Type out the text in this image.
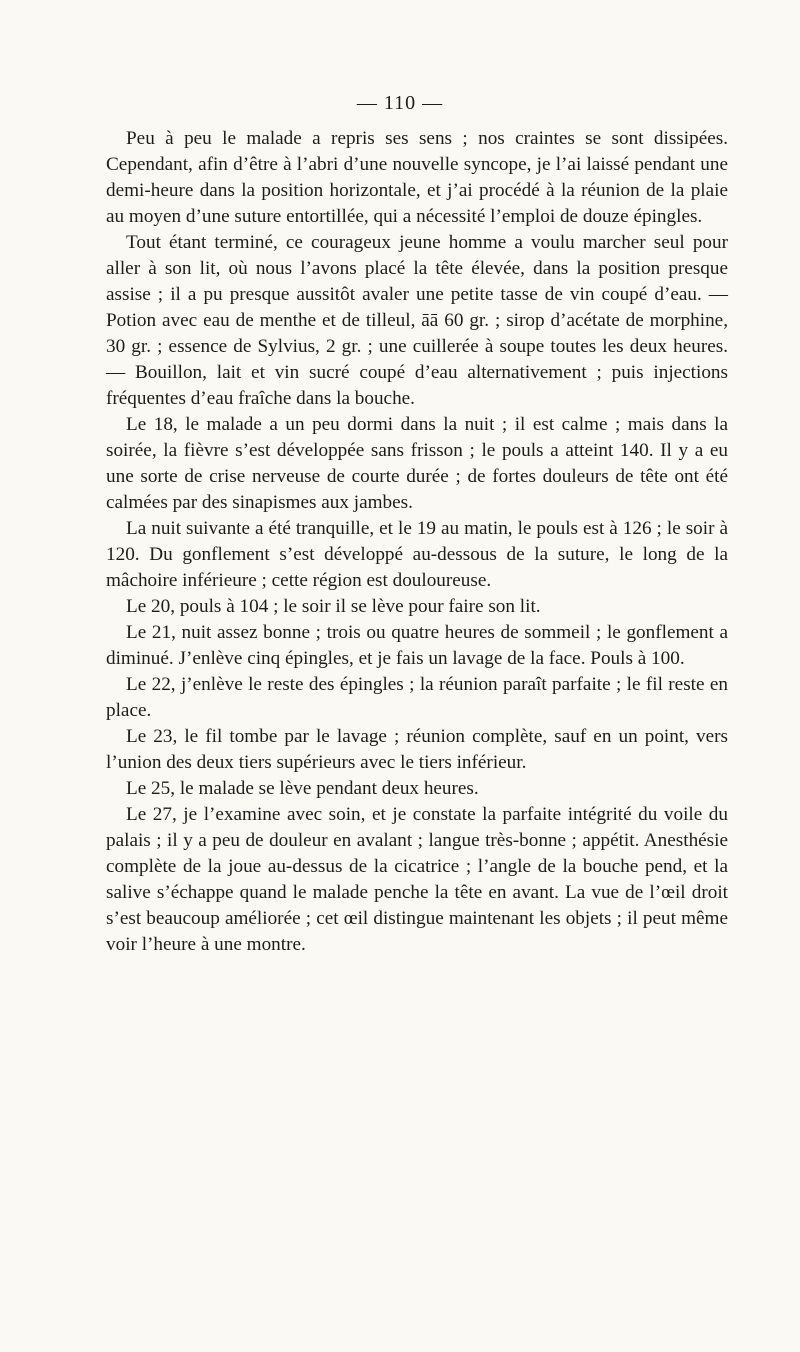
— 110 —

Peu à peu le malade a repris ses sens ; nos craintes se sont dissipées. Cependant, afin d’être à l’abri d’une nouvelle syncope, je l’ai laissé pendant une demi-heure dans la position horizontale, et j’ai procédé à la réunion de la plaie au moyen d’une suture entortillée, qui a nécessité l’emploi de douze épingles.

Tout étant terminé, ce courageux jeune homme a voulu marcher seul pour aller à son lit, où nous l’avons placé la tête élevée, dans la position presque assise ; il a pu presque aussitôt avaler une petite tasse de vin coupé d’eau. — Potion avec eau de menthe et de tilleul, āā 60 gr. ; sirop d’acétate de morphine, 30 gr. ; essence de Sylvius, 2 gr. ; une cuillerée à soupe toutes les deux heures. — Bouillon, lait et vin sucré coupé d’eau alternativement ; puis injections fréquentes d’eau fraîche dans la bouche.

Le 18, le malade a un peu dormi dans la nuit ; il est calme ; mais dans la soirée, la fièvre s’est développée sans frisson ; le pouls a atteint 140. Il y a eu une sorte de crise nerveuse de courte durée ; de fortes douleurs de tête ont été calmées par des sinapismes aux jambes.

La nuit suivante a été tranquille, et le 19 au matin, le pouls est à 126 ; le soir à 120. Du gonflement s’est développé au-dessous de la suture, le long de la mâchoire inférieure ; cette région est douloureuse.

Le 20, pouls à 104 ; le soir il se lève pour faire son lit.

Le 21, nuit assez bonne ; trois ou quatre heures de sommeil ; le gonflement a diminué. J’enlève cinq épingles, et je fais un lavage de la face. Pouls à 100.

Le 22, j’enlève le reste des épingles ; la réunion paraît parfaite ; le fil reste en place.

Le 23, le fil tombe par le lavage ; réunion complète, sauf en un point, vers l’union des deux tiers supérieurs avec le tiers inférieur.

Le 25, le malade se lève pendant deux heures.

Le 27, je l’examine avec soin, et je constate la parfaite intégrité du voile du palais ; il y a peu de douleur en avalant ; langue très-bonne ; appétit. Anesthésie complète de la joue au-dessus de la cicatrice ; l’angle de la bouche pend, et la salive s’échappe quand le malade penche la tête en avant. La vue de l’œil droit s’est beaucoup améliorée ; cet œil distingue maintenant les objets ; il peut même voir l’heure à une montre.
